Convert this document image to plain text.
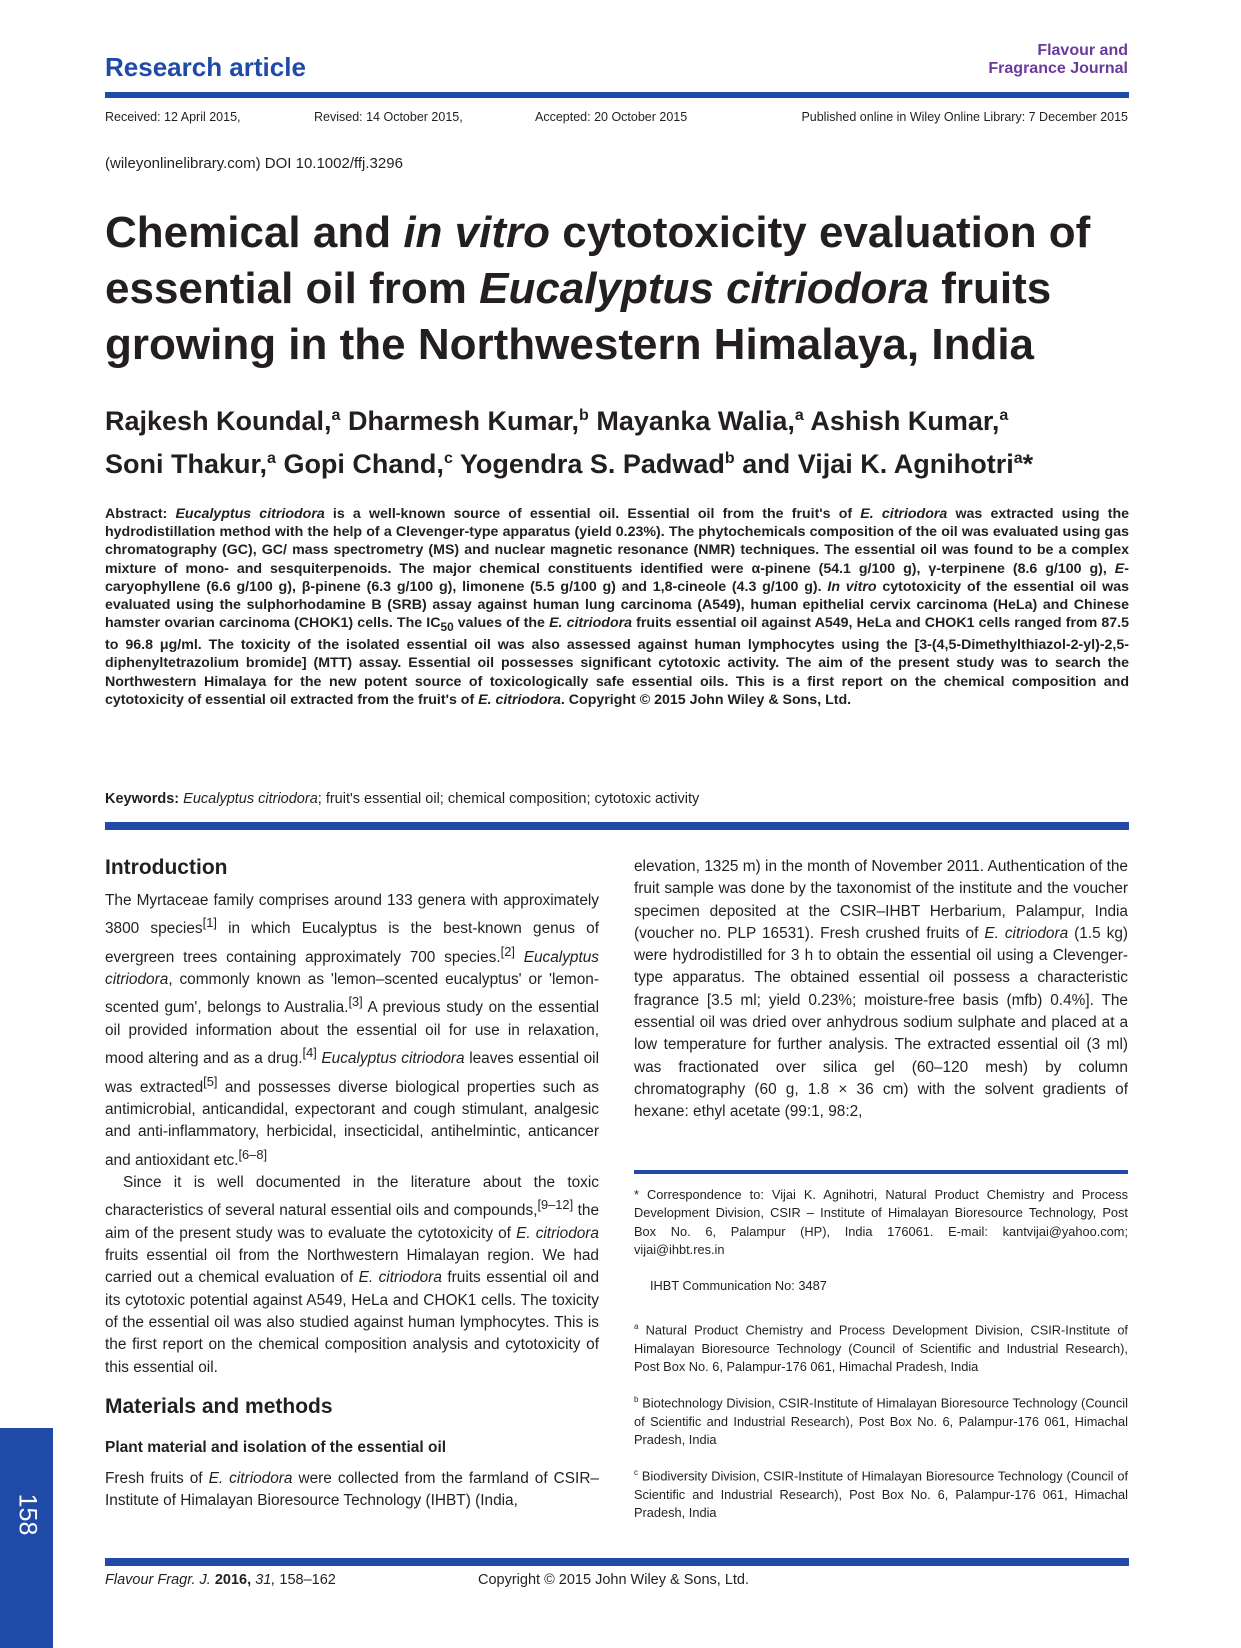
Research article
Flavour and
Fragrance Journal
Received: 12 April 2015,	Revised: 14 October 2015,	Accepted: 20 October 2015	Published online in Wiley Online Library: 7 December 2015
(wileyonlinelibrary.com) DOI 10.1002/ffj.3296
Chemical and in vitro cytotoxicity evaluation of essential oil from Eucalyptus citriodora fruits growing in the Northwestern Himalaya, India
Rajkesh Koundal,$^a$ Dharmesh Kumar,$^b$ Mayanka Walia,$^a$ Ashish Kumar,$^a$
Soni Thakur,$^a$ Gopi Chand,$^c$ Yogendra S. Padwad$^b$ and Vijai K. Agnihotri$^a$*
Abstract: Eucalyptus citriodora is a well-known source of essential oil. Essential oil from the fruit's of E. citriodora was extracted using the hydrodistillation method with the help of a Clevenger-type apparatus (yield 0.23%). The phytochemicals composition of the oil was evaluated using gas chromatography (GC), GC/ mass spectrometry (MS) and nuclear magnetic resonance (NMR) techniques. The essential oil was found to be a complex mixture of mono- and sesquiterpenoids. The major chemical constituents identified were α-pinene (54.1 g/100 g), γ-terpinene (8.6 g/100 g), E-caryophyllene (6.6 g/100 g), β-pinene (6.3 g/100 g), limonene (5.5 g/100 g) and 1,8-cineole (4.3 g/100 g). In vitro cytotoxicity of the essential oil was evaluated using the sulphorhodamine B (SRB) assay against human lung carcinoma (A549), human epithelial cervix carcinoma (HeLa) and Chinese hamster ovarian carcinoma (CHOK1) cells. The $IC_{50}$ values of the E. citriodora fruits essential oil against A549, HeLa and CHOK1 cells ranged from 87.5 to 96.8 μg/ml. The toxicity of the isolated essential oil was also assessed against human lymphocytes using the [3-(4,5-Dimethylthiazol-2-yl)-2,5-diphenyltetrazolium bromide] (MTT) assay. Essential oil possesses significant cytotoxic activity. The aim of the present study was to search the Northwestern Himalaya for the new potent source of toxicologically safe essential oils. This is a first report on the chemical composition and cytotoxicity of essential oil extracted from the fruit's of E. citriodora. Copyright © 2015 John Wiley & Sons, Ltd.
Keywords: Eucalyptus citriodora; fruit's essential oil; chemical composition; cytotoxic activity
Introduction

The Myrtaceae family comprises around 133 genera with approximately 3800 species[1] in which Eucalyptus is the best-known genus of evergreen trees containing approximately 700 species.[2] Eucalyptus citriodora, commonly known as 'lemon–scented eucalyptus' or 'lemon-scented gum', belongs to Australia.[3] A previous study on the essential oil provided information about the essential oil for use in relaxation, mood altering and as a drug.[4] Eucalyptus citriodora leaves essential oil was extracted[5] and possesses diverse biological properties such as antimicrobial, anticandidal, expectorant and cough stimulant, analgesic and anti-inflammatory, herbicidal, insecticidal, antihelmintic, anticancer and antioxidant etc.[6–8]

Since it is well documented in the literature about the toxic characteristics of several natural essential oils and compounds,[9–12] the aim of the present study was to evaluate the cytotoxicity of E. citriodora fruits essential oil from the Northwestern Himalayan region. We had carried out a chemical evaluation of E. citriodora fruits essential oil and its cytotoxic potential against A549, HeLa and CHOK1 cells. The toxicity of the essential oil was also studied against human lymphocytes. This is the first report on the chemical composition analysis and cytotoxicity of this essential oil.

Materials and methods
Plant material and isolation of the essential oil

Fresh fruits of E. citriodora were collected from the farmland of CSIR–Institute of Himalayan Bioresource Technology (IHBT) (India,

elevation, 1325 m) in the month of November 2011. Authentication of the fruit sample was done by the taxonomist of the institute and the voucher specimen deposited at the CSIR–IHBT Herbarium, Palampur, India (voucher no. PLP 16531). Fresh crushed fruits of E. citriodora (1.5 kg) were hydrodistilled for 3 h to obtain the essential oil using a Clevenger-type apparatus. The obtained essential oil possess a characteristic fragrance [3.5 ml; yield 0.23%; moisture-free basis (mfb) 0.4%]. The essential oil was dried over anhydrous sodium sulphate and placed at a low temperature for further analysis. The extracted essential oil (3 ml) was fractionated over silica gel (60–120 mesh) by column chromatography (60 g, 1.8 × 36 cm) with the solvent gradients of hexane: ethyl acetate (99:1, 98:2,

* Correspondence to: Vijai K. Agnihotri, Natural Product Chemistry and Process Development Division, CSIR – Institute of Himalayan Bioresource Technology, Post Box No. 6, Palampur (HP), India 176061. E-mail: kantvijai@yahoo.com; vijai@ihbt.res.in
IHBT Communication No: 3487
$^a$ Natural Product Chemistry and Process Development Division, CSIR-Institute of Himalayan Bioresource Technology (Council of Scientific and Industrial Research), Post Box No. 6, Palampur-176 061, Himachal Pradesh, India
$^b$ Biotechnology Division, CSIR-Institute of Himalayan Bioresource Technology (Council of Scientific and Industrial Research), Post Box No. 6, Palampur-176 061, Himachal Pradesh, India
$^c$ Biodiversity Division, CSIR-Institute of Himalayan Bioresource Technology (Council of Scientific and Industrial Research), Post Box No. 6, Palampur-176 061, Himachal Pradesh, India
Flavour Fragr. J. 2016, 31, 158–162	Copyright © 2015 John Wiley & Sons, Ltd.
158
